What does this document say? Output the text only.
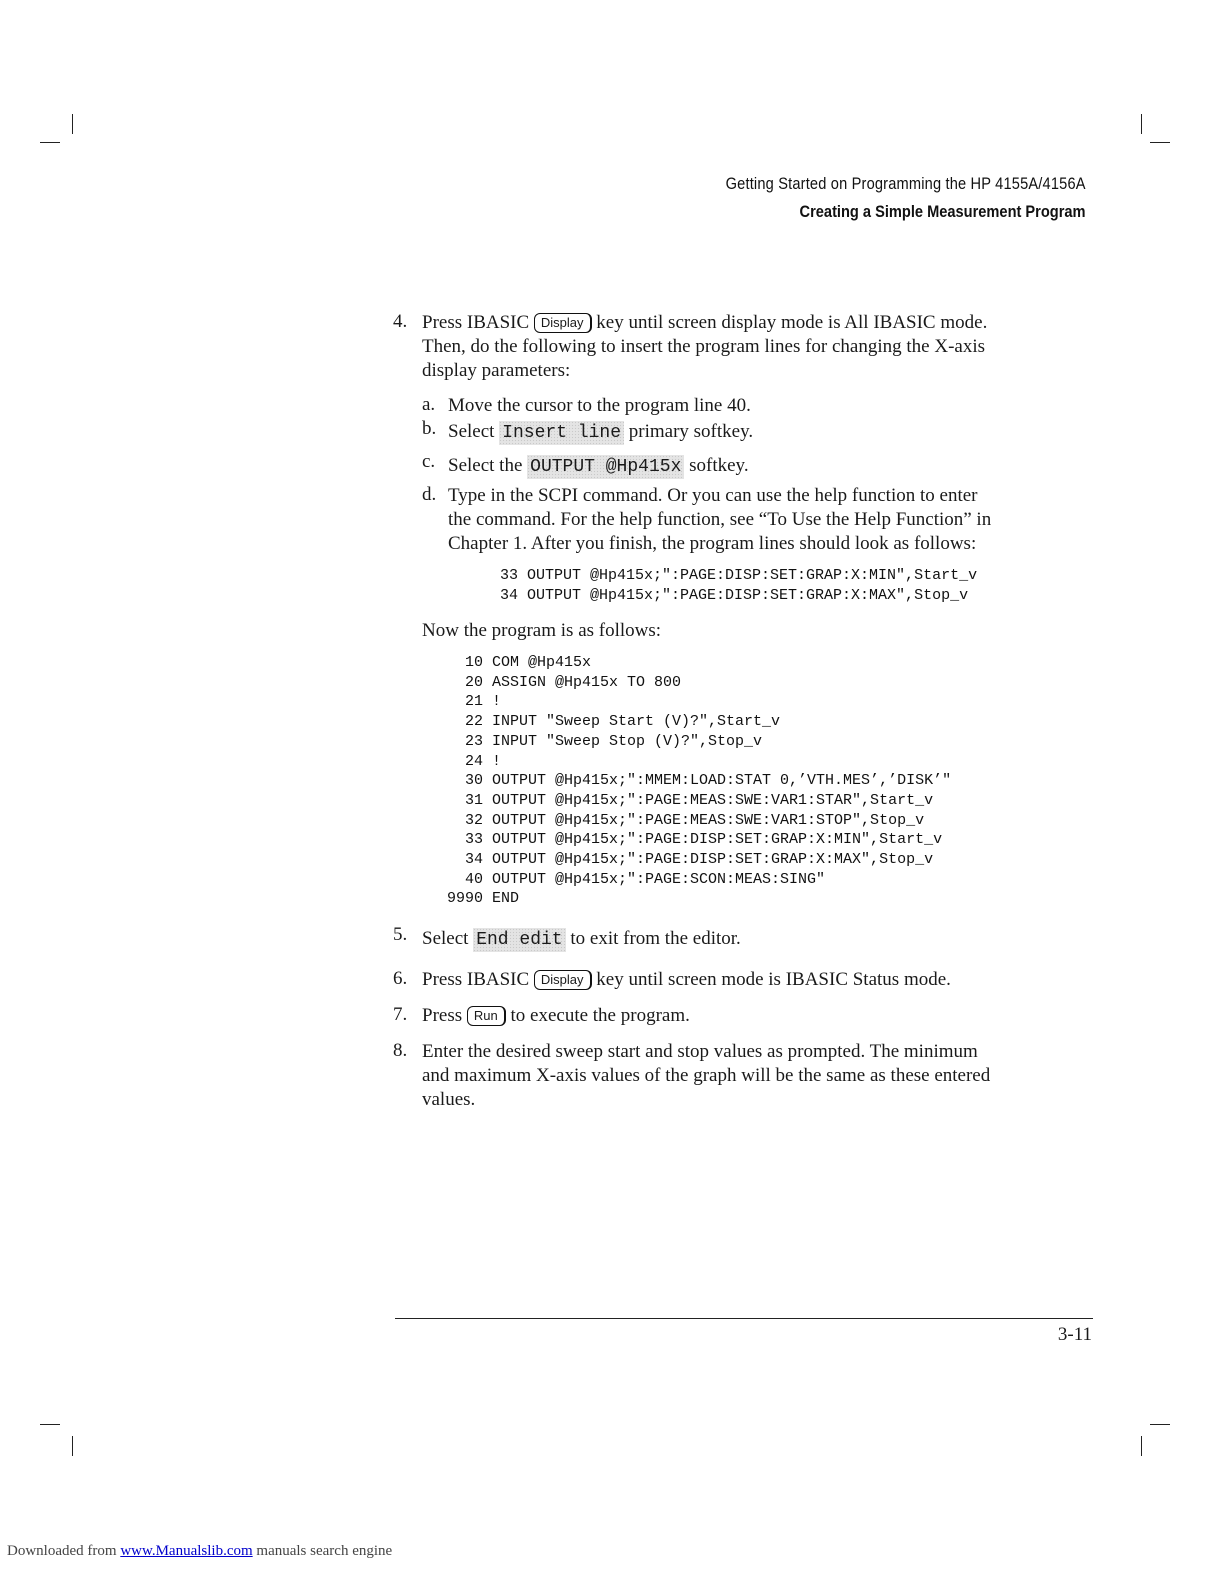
Getting Started on Programming the HP 4155A/4156A
Creating a Simple Measurement Program
4. Press IBASIC Display key until screen display mode is All IBASIC mode.
Then, do the following to insert the program lines for changing the X-axis
display parameters:
a. Move the cursor to the program line 40.
b. Select Insert line primary softkey.
c. Select the OUTPUT @Hp415x softkey.
d. Type in the SCPI command. Or you can use the help function to enter
the command. For the help function, see “To Use the Help Function” in
Chapter 1. After you finish, the program lines should look as follows:
33 OUTPUT @Hp415x;":PAGE:DISP:SET:GRAP:X:MIN",Start_v
34 OUTPUT @Hp415x;":PAGE:DISP:SET:GRAP:X:MAX",Stop_v
Now the program is as follows:
10 COM @Hp415x
20 ASSIGN @Hp415x TO 800
21 !
22 INPUT "Sweep Start (V)?",Start_v
23 INPUT "Sweep Stop (V)?",Stop_v
24 !
30 OUTPUT @Hp415x;":MMEM:LOAD:STAT 0,’VTH.MES’,’DISK’"
31 OUTPUT @Hp415x;":PAGE:MEAS:SWE:VAR1:STAR",Start_v
32 OUTPUT @Hp415x;":PAGE:MEAS:SWE:VAR1:STOP",Stop_v
33 OUTPUT @Hp415x;":PAGE:DISP:SET:GRAP:X:MIN",Start_v
34 OUTPUT @Hp415x;":PAGE:DISP:SET:GRAP:X:MAX",Stop_v
40 OUTPUT @Hp415x;":PAGE:SCON:MEAS:SING"
9990 END
5. Select End edit to exit from the editor.
6. Press IBASIC Display key until screen mode is IBASIC Status mode.
7. Press Run to execute the program.
8. Enter the desired sweep start and stop values as prompted. The minimum
and maximum X-axis values of the graph will be the same as these entered
values.
3-11
Downloaded from www.Manualslib.com manuals search engine
